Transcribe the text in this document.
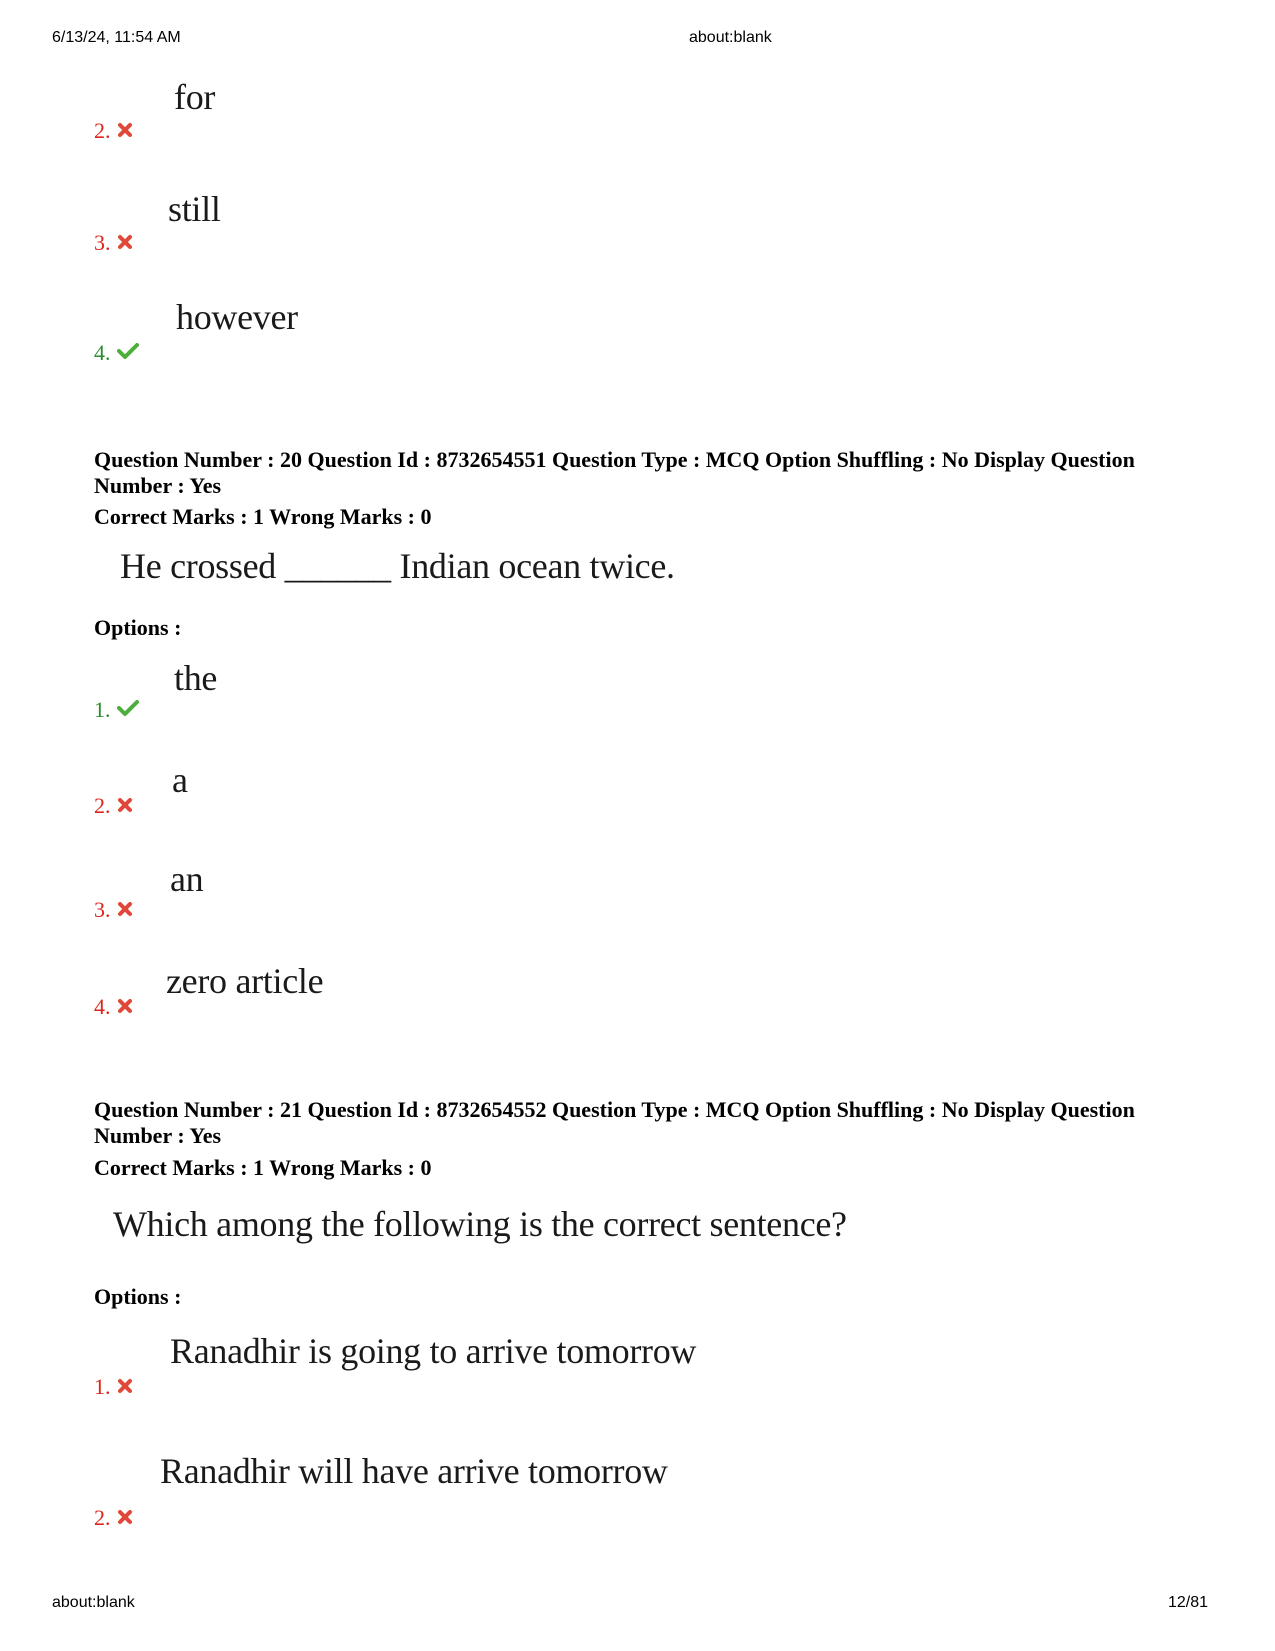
6/13/24, 11:54 AM	about:blank
for
2.
still
3.
however
4.
Question Number : 20 Question Id : 8732654551 Question Type : MCQ Option Shuffling : No Display Question Number : Yes
Correct Marks : 1 Wrong Marks : 0
He crossed ______ Indian ocean twice.
Options :
the
1.
a
2.
an
3.
zero article
4.
Question Number : 21 Question Id : 8732654552 Question Type : MCQ Option Shuffling : No Display Question Number : Yes
Correct Marks : 1 Wrong Marks : 0
Which among the following is the correct sentence?
Options :
Ranadhir is going to arrive tomorrow
1.
Ranadhir will have arrive tomorrow
2.
about:blank	12/81
